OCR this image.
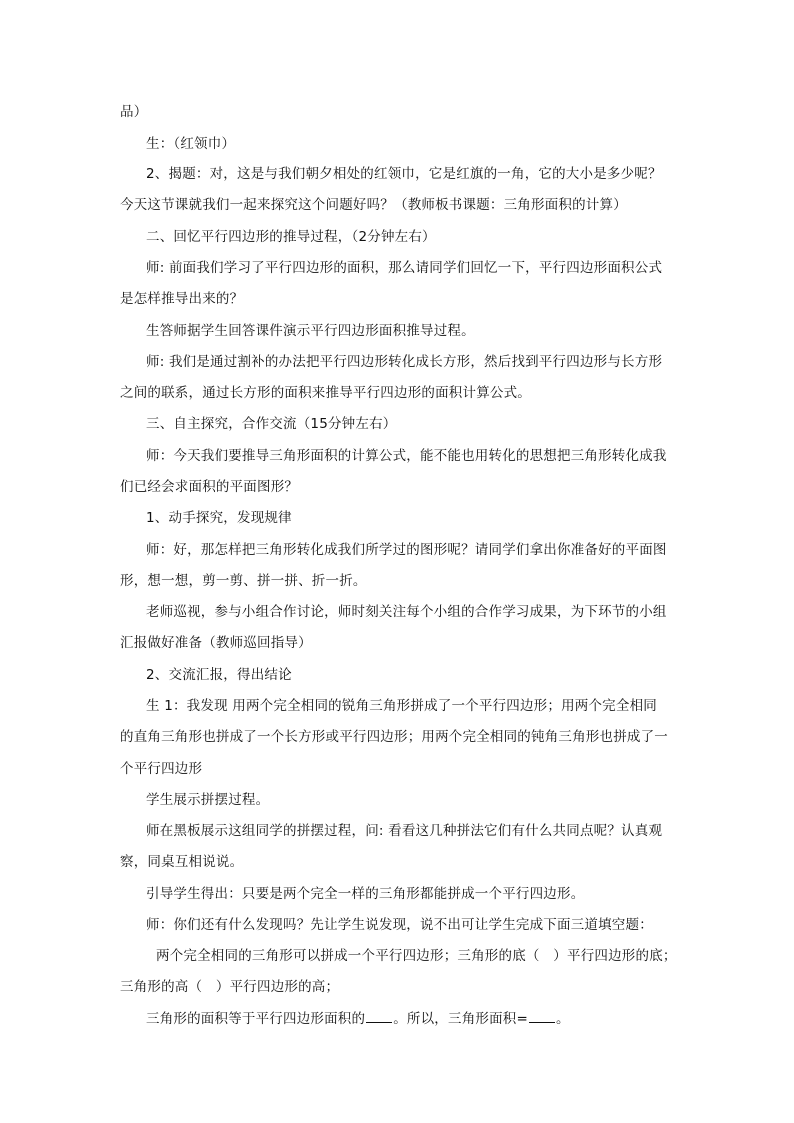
品）
生：（红领巾）
2、揭题：对，这是与我们朝夕相处的红领巾，它是红旗的一角，它的大小是多少呢？
今天这节课就我们一起来探究这个问题好吗？（教师板书课题：三角形面积的计算）
二、回忆平行四边形的推导过程，（2分钟左右）
师: 前面我们学习了平行四边形的面积，那么请同学们回忆一下，平行四边形面积公式
是怎样推导出来的？
生答师据学生回答课件演示平行四边形面积推导过程。
师: 我们是通过割补的办法把平行四边形转化成长方形，然后找到平行四边形与长方形
之间的联系，通过长方形的面积来推导平行四边形的面积计算公式。
三、自主探究，合作交流（15分钟左右）
师：今天我们要推导三角形面积的计算公式，能不能也用转化的思想把三角形转化成我
们已经会求面积的平面图形？
1、动手探究，发现规律
师：好，那怎样把三角形转化成我们所学过的图形呢？请同学们拿出你准备好的平面图
形，想一想，剪一剪、拼一拼、折一折。
老师巡视，参与小组合作讨论，师时刻关注每个小组的合作学习成果，为下环节的小组
汇报做好准备（教师巡回指导）
2、交流汇报，得出结论
生 1：我发现 用两个完全相同的锐角三角形拼成了一个平行四边形；用两个完全相同
的直角三角形也拼成了一个长方形或平行四边形；用两个完全相同的钝角三角形也拼成了一
个平行四边形
学生展示拼摆过程。
师在黑板展示这组同学的拼摆过程，问: 看看这几种拼法它们有什么共同点呢？认真观
察，同桌互相说说。
引导学生得出：只要是两个完全一样的三角形都能拼成一个平行四边形。
师：你们还有什么发现吗？先让学生说发现，说不出可让学生完成下面三道填空题：
两个完全相同的三角形可以拼成一个平行四边形；三角形的底（　）平行四边形的底；
三角形的高（　）平行四边形的高；
三角形的面积等于平行四边形面积的 。所以，三角形面积= 。
